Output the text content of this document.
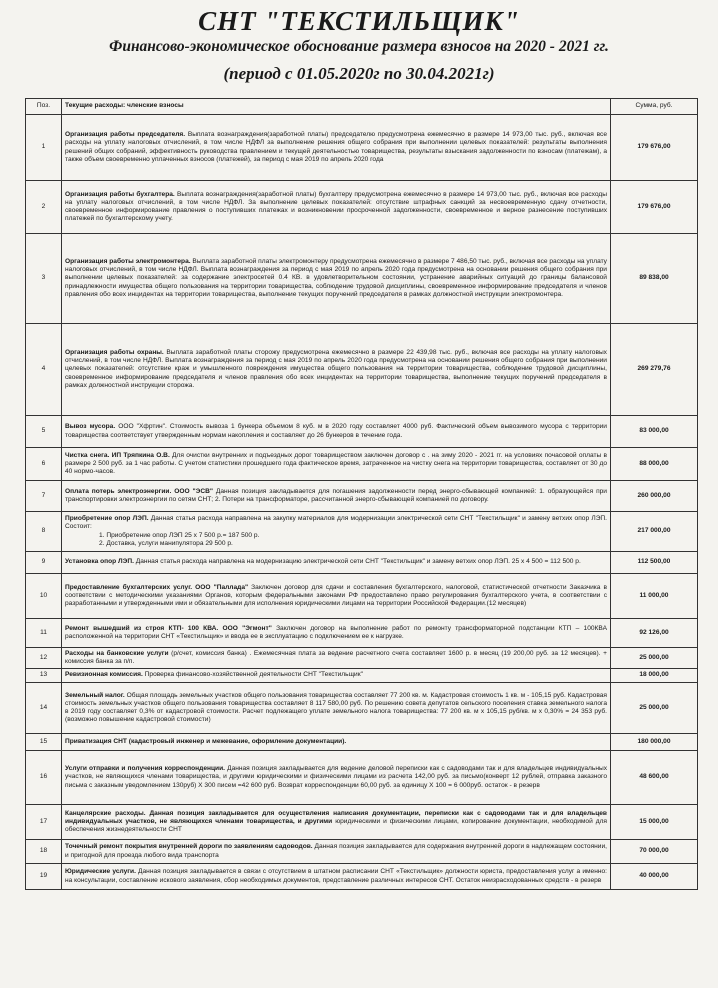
СНТ "ТЕКСТИЛЬЩИК"
Финансово-экономическое обоснование размера взносов на 2020 - 2021 гг.
(период с 01.05.2020г по 30.04.2021г)
Поз.	Текущие расходы: членские взносы	Сумма, руб.
1	Организация работы председателя. Выплата вознаграждения(заработной платы) председателю предусмотрена ежемесячно в размере 14 973,00 тыс. руб., включая все расходы на уплату налоговых отчислений, в том числе НДФЛ за выполнение решения общего собрания при выполнении целевых показателей: результаты выполнения решений общих собраний, эффективность руководства правлением и текущей деятельностью товарищества, результаты взыскания задолженности по взносам (платежам), а также объем своевременно уплаченных взносов (платежей), за период с мая 2019 по апрель 2020 года	179 676,00
2	Организация работы бухгалтера. Выплата вознаграждения(заработной платы) бухгалтеру предусмотрена ежемесячно в размере 14 973,00 тыс. руб., включая все расходы на уплату налоговых отчислений, в том числе НДФЛ. За выполнение целевых показателей: отсутствие штрафных санкций за несвоевременную сдачу отчетности, своевременное информирование правления о поступивших платежах и возникновении просроченной задолженности, своевременное и верное разнесение поступивших платежей по бухгалтерскому учету.	179 676,00
3	Организация работы электромонтера. Выплата заработной платы электромонтеру предусмотрена ежемесячно в размере 7 486,50 тыс. руб., включая все расходы на уплату налоговых отчислений, в том числе НДФЛ. Выплата вознаграждения за период с мая 2019 по апрель 2020 года предусмотрена на основании решения общего собрания при выполнении целевых показателей: за содержание электросетей 0.4 КВ. в удовлетворительном состоянии, устранение аварийных ситуаций до границы балансовой принадлежности имущества общего пользования на территории товарищества, соблюдение трудовой дисциплины, своевременное информирование председателя и членов правления обо всех инцидентах на территории товарищества, выполнение текущих поручений председателя в рамках должностной инструкции электромонтера.	89 838,00
4	Организация работы охраны. Выплата заработной платы сторожу предусмотрена ежемесячно в размере 22 439,98 тыс. руб., включая все расходы на уплату налоговых отчислений, в том числе НДФЛ. Выплата вознаграждения за период с мая 2019 по апрель 2020 года предусмотрена на основании решения общего собрания при выполнении целевых показателей: отсутствие краж и умышленного повреждения имущества общего пользования на территории товарищества, соблюдение трудовой дисциплины, своевременное информирование председателя и членов правления обо всех инцидентах на территории товарищества, выполнение текущих поручений председателя в рамках должностной инструкции сторожа.	269 279,76
5	Вывоз мусора. ООО "Хфртин". Стоимость вывоза 1 бункера объемом 8 куб. м в 2020 году составляет 4000 руб. Фактический объем вывозимого мусора с территории товарищества соответствует утвержденным нормам накопления и составляет до 26 бункеров в течение года.	83 000,00
6	Чистка снега. ИП Тряпкина О.В. Для очистки внутренних и подъездных дорог товариществом заключен договор с . на зиму 2020 - 2021 гг. на условиях почасовой оплаты в размере 2 500 руб. за 1 час работы. С учетом статистики прошедшего года фактическое время, затраченное на чистку снега на территории товарищества, составляет от 30 до 40 нормо-часов.	88 000,00
7	Оплата потерь электроэнергии. ООО "ЭСВ" Данная позиция закладывается для погашения задолженности перед энерго-сбывающей компанией: 1. образующейся при транспортировки электроэнергии по сетям СНТ; 2. Потери на трансформаторе, рассчитанной энерго-сбывающей компанией по договору.	260 000,00
8	Приобретение опор ЛЭП. Данная статья расхода направлена на закупку материалов для модернизации электрической сети СНТ "Текстильщик" и замену ветхих опор ЛЭП. Состоит:
1. Приобретение опор ЛЭП 25 х 7 500 р.= 187 500 р.
2. Доставка, услуги манипулятора 29 500 р.	217 000,00
9	Установка опор ЛЭП. Данная статья расхода направлена на модернизацию электрической сети СНТ "Текстильщик" и замену ветхих опор ЛЭП. 25 х 4 500 = 112 500 р.	112 500,00
10	Предоставление бухгалтерских услуг. ООО "Паллада" Заключен договор для сдачи и составления бухгалтерского, налоговой, статистической отчетности Заказчика в соответствии с методическими указаниями Органов, которым федеральными законами РФ предоставлено право регулирования бухгалтерского учета, в соответствии с разработанными и утвержденными ими и обязательными для исполнения юридическими лицами на территории Российской Федерации.(12 месяцев)	11 000,00
11	Ремонт вышедший из строя КТП- 100 КВА. ООО "Эгмонт" Заключен договор на выполнение работ по ремонту трансформаторной подстанции КТП – 100КВА расположенной на территории СНТ «Текстильщик» и ввода ее в эксплуатацию с подключением ее к нагрузке.	92 126,00
12	Расходы на банковские услуги (р/счет, комиссия банка) . Ежемесячная плата за ведение расчетного счета составляет 1600 р. в месяц (19 200,00 руб. за 12 месяцев). + комиссия банка за п/п.	25 000,00
13	Ревизионная комиссия. Проверка финансово-хозяйственной деятельности СНТ "Текстильщик"	18 000,00
14	Земельный налог. Общая площадь земельных участков общего пользования товарищества составляет 77 200 кв. м. Кадастровая стоимость 1 кв. м - 105,15 руб. Кадастровая стоимость земельных участков общего пользования товарищества составляет 8 117 580,00 руб. По решению совета депутатов сельского поселения ставка земельного налога в 2019 году составляет 0,3% от кадастровой стоимости. Расчет подлежащего уплате земельного налога товарищества: 77 200 кв. м х 105,15 руб/кв. м х 0,30% = 24 353 руб. (возможно повышение кадастровой стоимости)	25 000,00
15	Приватизация СНТ (кадастровый инженер и межевание, оформление документации).	180 000,00
16	Услуги отправки и получения корреспонденции. Данная позиция закладывается для ведение деловой переписки как с садоводами так и для владельцев индивидуальных участков, не являющихся членами товарищества, и другими юридическими и физическими лицами из расчета 142,00 руб. за письмо(конверт 12 рублей, отправка заказного письма с заказным уведомлением 130руб) Х 300 писем =42 600 руб. Возврат корреспонденции 60,00 руб. за единицу Х 100 = 6 000руб. остаток - в резерв	48 600,00
17	Канцелярские расходы. Данная позиция закладывается для осуществления написания документации, переписки как с садоводами так и для владельцев индивидуальных участков, не являющихся членами товарищества, и другими юридическими и физическими лицами, копирование документации, необходимой для обеспечения жизнедеятельности СНТ	15 000,00
18	Точечный ремонт покрытия внутренней дороги по заявлениям садоводов. Данная позиция закладывается для содержания внутренней дороги в надлежащем состоянии, и пригодной для проезда любого вида транспорта	70 000,00
19	Юридические услуги. Данная позиция закладывается в связи с отсутствием в штатном расписании СНТ «Текстильщик» должности юриста, предоставления услуг а именно: на консультации, составление искового заявления, сбор необходимых документов, представление различных интересов СНТ. Остаток неизрасходованных средств - в резерв	40 000,00
